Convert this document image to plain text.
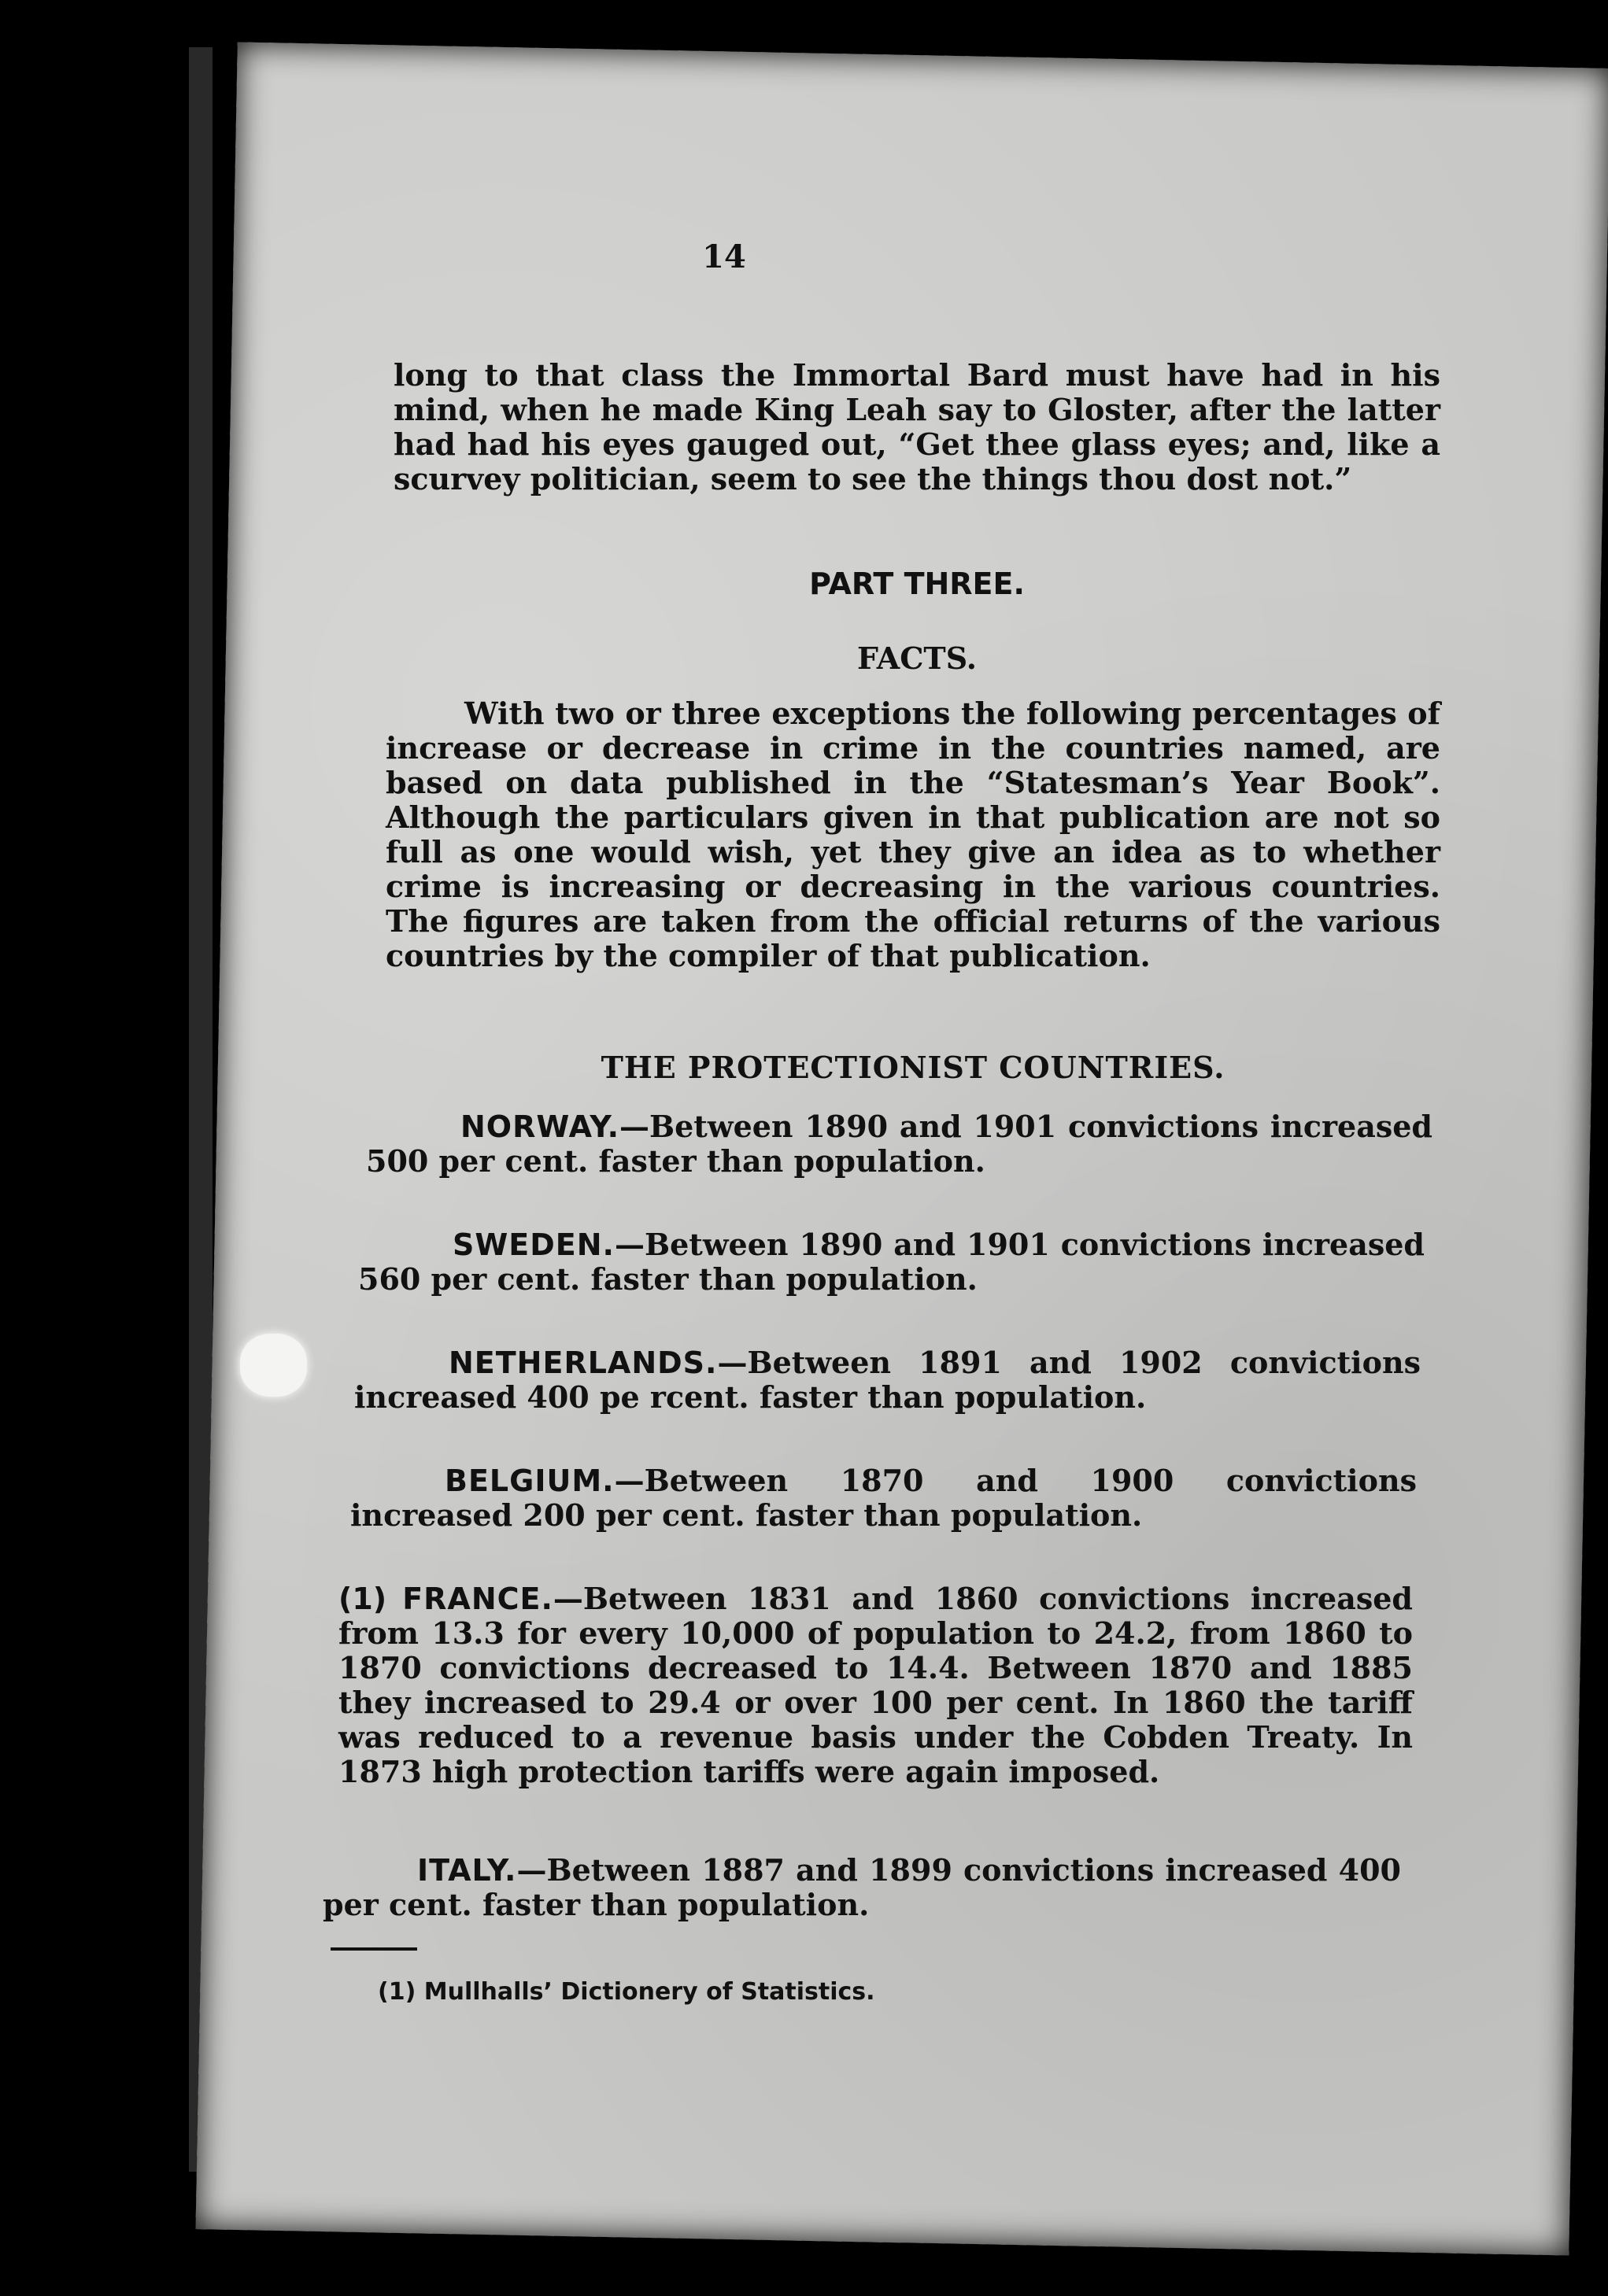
14
long to that class the Immortal Bard must have had in his mind, when he made King Leah say to Gloster, after the latter had had his eyes gauged out, “Get thee glass eyes; and, like a scurvey politician, seem to see the things thou dost not.”
PART THREE.
FACTS.
With two or three exceptions the following percentages of increase or decrease in crime in the countries named, are based on data published in the “Statesman’s Year Book”. Although the particulars given in that publication are not so full as one would wish, yet they give an idea as to whether crime is increasing or decreasing in the various countries. The figures are taken from the official returns of the various countries by the compiler of that publication.
THE PROTECTIONIST COUNTRIES.
NORWAY.—Between 1890 and 1901 convictions increased 500 per cent. faster than population.
SWEDEN.—Between 1890 and 1901 convictions increased 560 per cent. faster than population.
NETHERLANDS.—Between 1891 and 1902 convictions increased 400 pe rcent. faster than population.
BELGIUM.—Between 1870 and 1900 convictions increased 200 per cent. faster than population.
(1) FRANCE.—Between 1831 and 1860 convictions increased from 13.3 for every 10,000 of population to 24.2, from 1860 to 1870 convictions decreased to 14.4. Between 1870 and 1885 they increased to 29.4 or over 100 per cent. In 1860 the tariff was reduced to a revenue basis under the Cobden Treaty. In 1873 high protection tariffs were again imposed.
ITALY.—Between 1887 and 1899 convictions increased 400 per cent. faster than population.
(1) Mullhalls’ Dictionery of Statistics.
